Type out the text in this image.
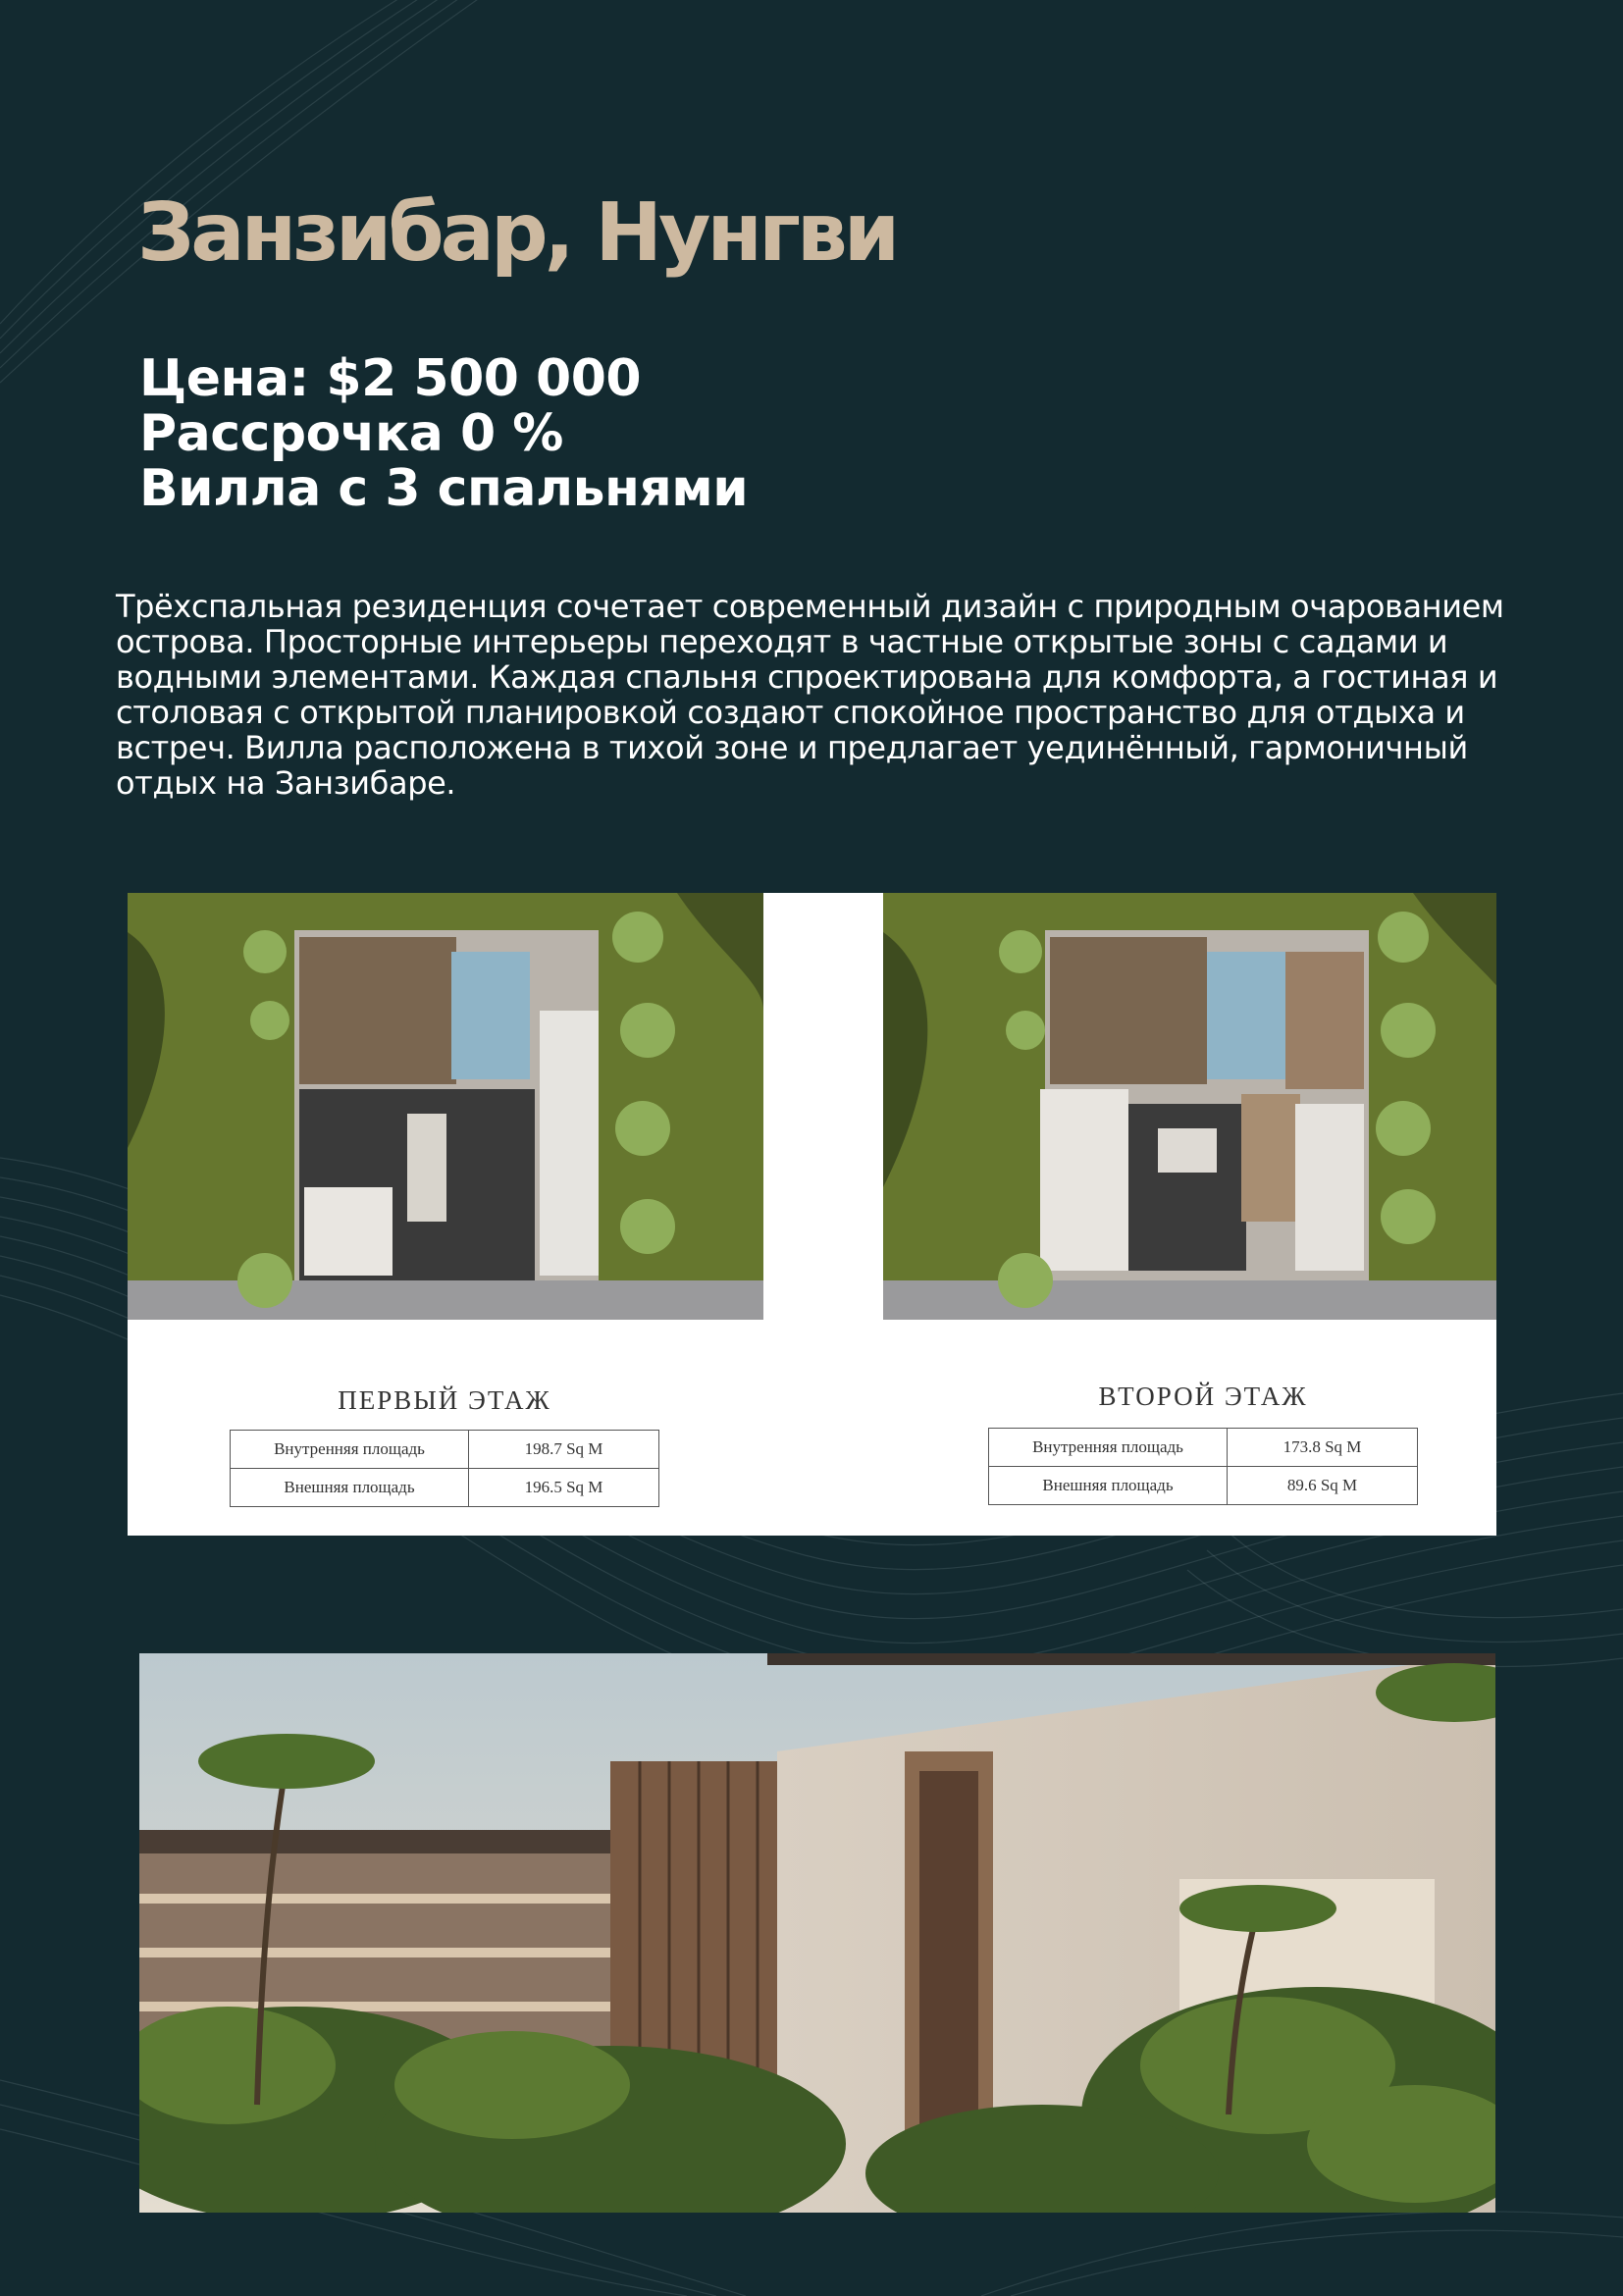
Занзибар, Нунгви
Цена: $2 500 000
Рассрочка 0 %
Вилла с 3 спальнями

Трёхспальная резиденция сочетает современный дизайн с природным очарованием острова. Просторные интерьеры переходят в частные открытые зоны с садами и водными элементами. Каждая спальня спроектирована для комфорта, а гостиная и столовая с открытой планировкой создают спокойное пространство для отдыха и встреч. Вилла расположена в тихой зоне и предлагает уединённый, гармоничный отдых на Занзибаре.

ПЕРВЫЙ ЭТАЖ
Внутренняя площадь	198.7 Sq M
Внешняя площадь	196.5 Sq M
ВТОРОЙ ЭТАЖ
Внутренняя площадь	173.8 Sq M
Внешняя площадь	89.6 Sq M
